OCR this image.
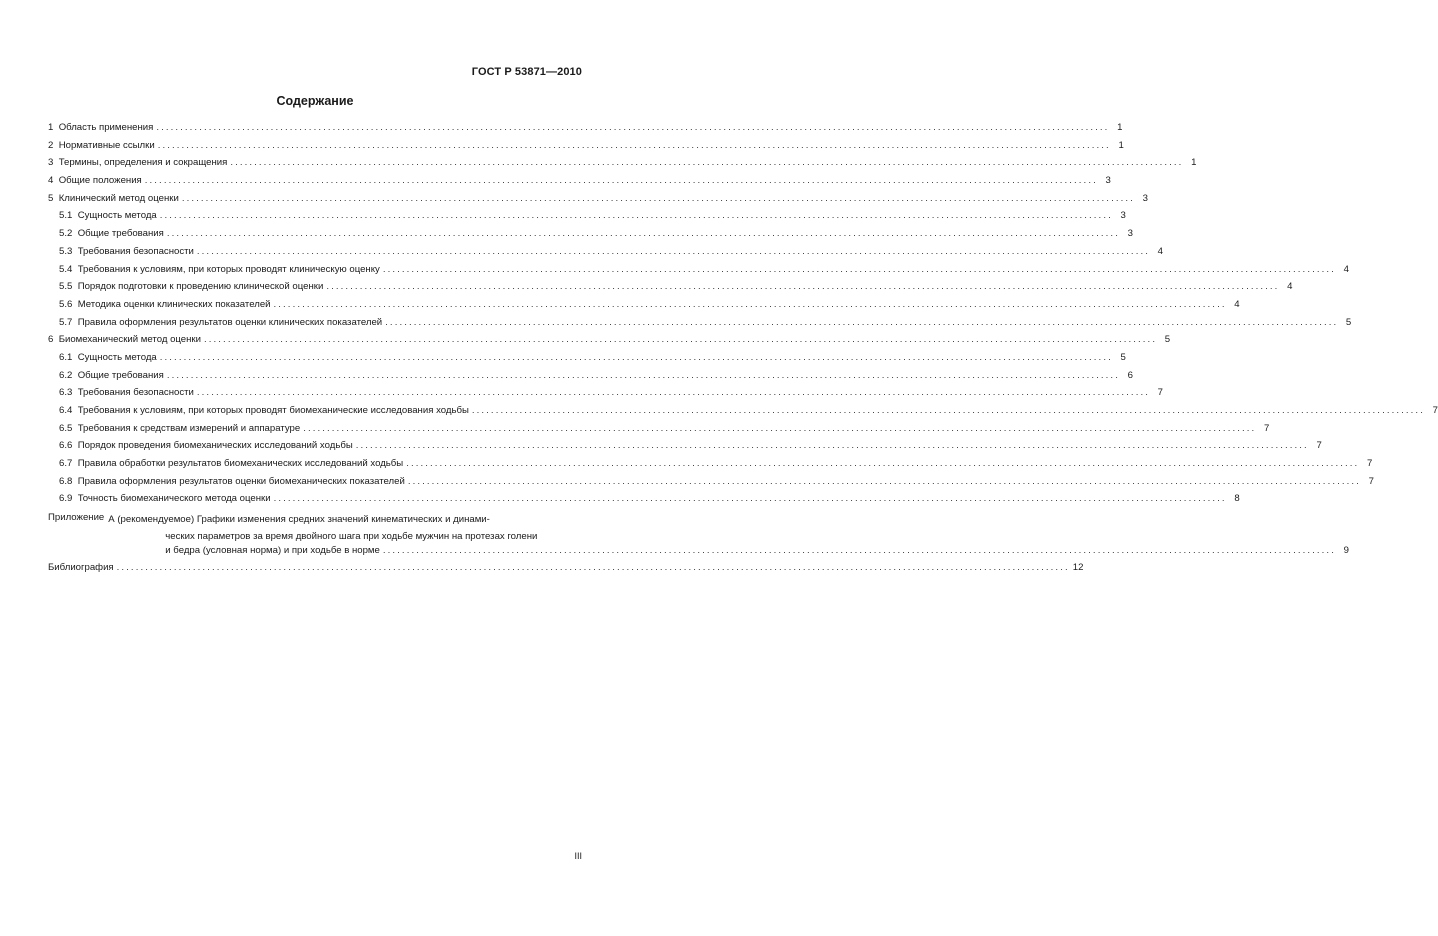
ГОСТ Р 53871—2010
Содержание
1
Область применения ........................................................................................................................................................................................................ 1
2
Нормативные ссылки ........................................................................................................................................................................................................ 1
3
Термины, определения и сокращения ........................................................................................................................................................................................................ 1
4
Общие положения ........................................................................................................................................................................................................ 3
5
Клинический метод оценки ........................................................................................................................................................................................................ 3
5.1
Сущность метода ........................................................................................................................................................................................................ 3
5.2
Общие требования ........................................................................................................................................................................................................ 3
5.3
Требования безопасности ........................................................................................................................................................................................................ 4
5.4
Требования к условиям, при которых проводят клиническую оценку ........................................................................................................................................................................................................ 4
5.5
Порядок подготовки к проведению клинической оценки ........................................................................................................................................................................................................ 4
5.6
Методика оценки клинических показателей ........................................................................................................................................................................................................ 4
5.7
Правила оформления результатов оценки клинических показателей ........................................................................................................................................................................................................ 5
6
Биомеханический метод оценки ........................................................................................................................................................................................................ 5
6.1
Сущность метода ........................................................................................................................................................................................................ 5
6.2
Общие требования ........................................................................................................................................................................................................ 6
6.3
Требования безопасности ........................................................................................................................................................................................................ 7
6.4
Требования к условиям, при которых проводят биомеханические исследования ходьбы ........................................................................................................................................................................................................ 7
6.5
Требования к средствам измерений и аппаратуре ........................................................................................................................................................................................................ 7
6.6
Порядок проведения биомеханических исследований ходьбы ........................................................................................................................................................................................................ 7
6.7
Правила обработки результатов биомеханических исследований ходьбы ........................................................................................................................................................................................................ 7
6.8
Правила оформления результатов оценки биомеханических показателей ........................................................................................................................................................................................................ 7
6.9
Точность биомеханического метода оценки ........................................................................................................................................................................................................ 8
Приложение А (рекомендуемое) Графики изменения средних значений кинематических и динами-
ческих параметров за время двойного шага при ходьбе мужчин на протезах голени
и бедра (условная норма) и при ходьбе в норме ........................................................................................................................................................................................................ 9
Библиография ........................................................................................................................................................................................................ 12
III
